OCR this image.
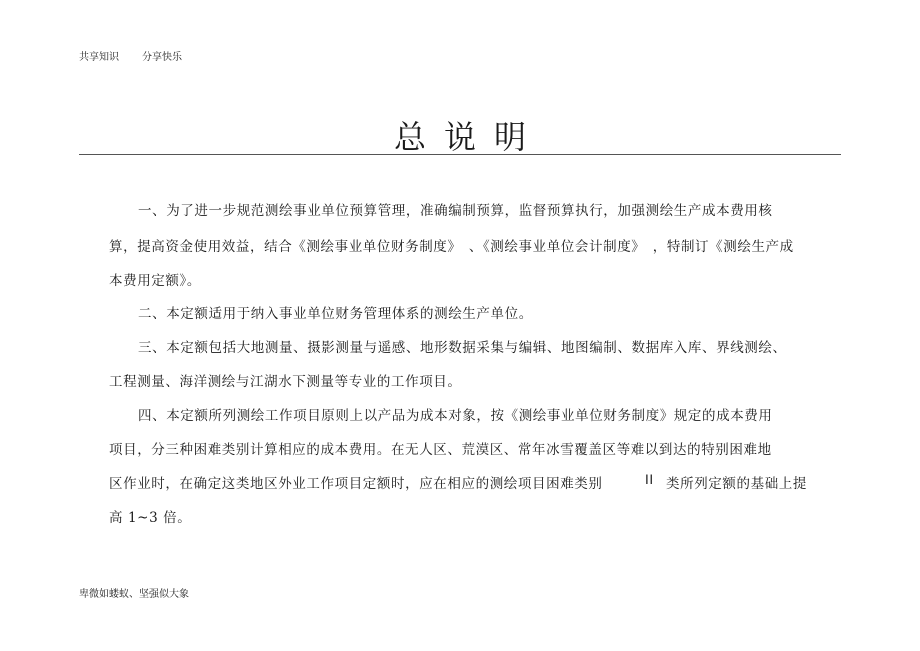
共享知识 分享快乐
总说明
一、为了进一步规范测绘事业单位预算管理，准确编制预算，监督预算执行，加强测绘生产成本费用核
算，提高资金使用效益，结合《测绘事业单位财务制度》　、《测绘事业单位会计制度》　，特制订《测绘生产成
本费用定额》。
二、本定额适用于纳入事业单位财务管理体系的测绘生产单位。
三、本定额包括大地测量、摄影测量与遥感、地形数据采集与编辑、地图编制、数据库入库、界线测绘、
工程测量、海洋测绘与江湖水下测量等专业的工作项目。
四、本定额所列测绘工作项目原则上以产品为成本对象，按《测绘事业单位财务制度》规定的成本费用
项目，分三种困难类别计算相应的成本费用。在无人区、荒漠区、常年冰雪覆盖区等难以到达的特别困难地
区作业时，在确定这类地区外业工作项目定额时，应在相应的测绘项目困难类别	II 类所列定额的基础上提
高 1~3 倍。
卑微如蝼蚁、坚强似大象
